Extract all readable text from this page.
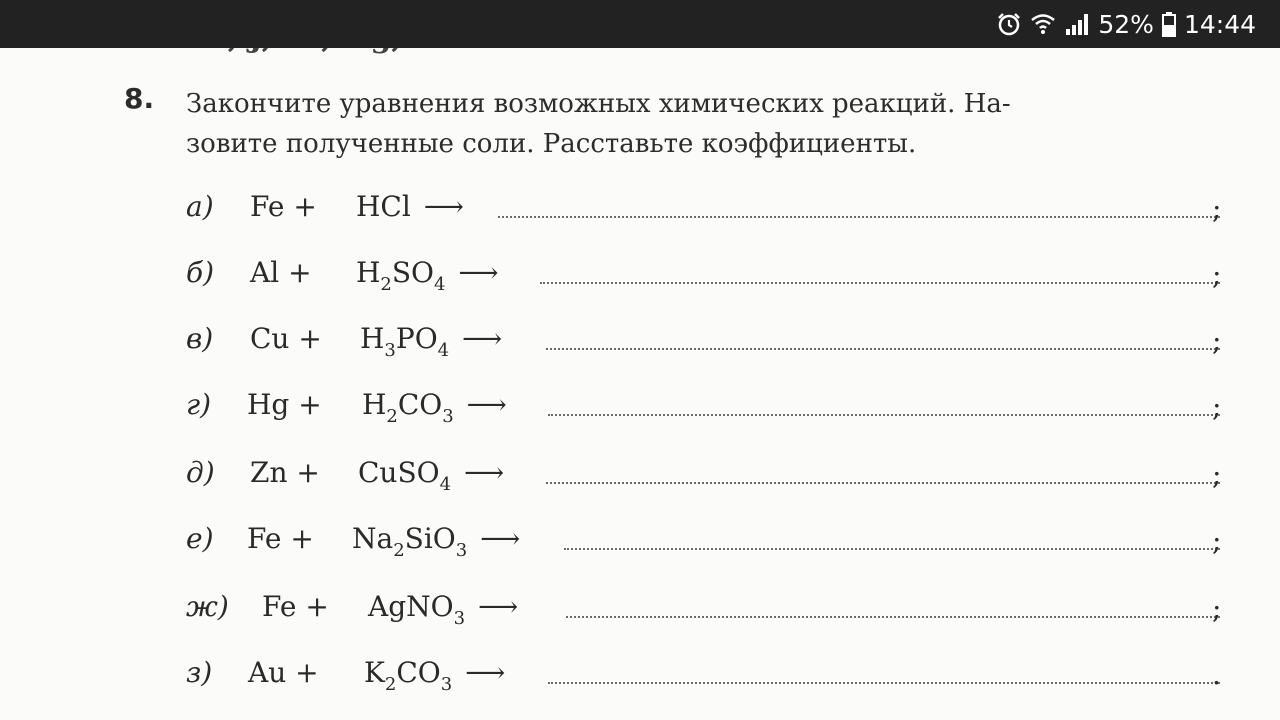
52% 14:44
8. Закончите уравнения возможных химических реакций. На-
зовите полученные соли. Расставьте коэффициенты.
а) Fe + HCl ⟶	;
б) $Al + H_2SO_4$ ⟶	;
в) $Cu + H_3PO_4$ ⟶	;
г) $Hg + H_2CO_3$ ⟶	;
д) Zn + CuSO$_4$ ⟶	;
е) $Fe + Na_2SiO_3$ ⟶	;
ж) Fe + AgNO$_3$ ⟶	;
з) $Au + K_2CO_3$ ⟶	.
